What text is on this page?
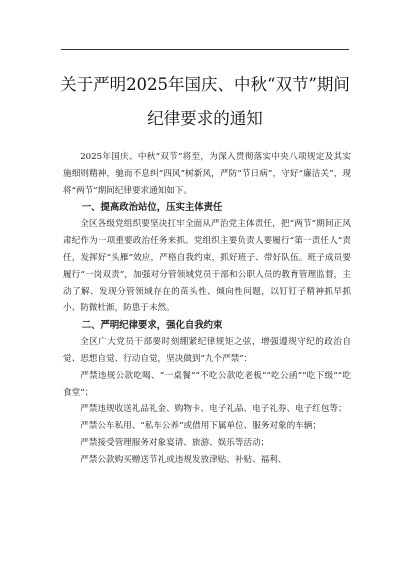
关于严明2025年国庆、中秋“双节”期间
纪律要求的通知

2025年国庆、中秋“双节”将至，为深入贯彻落实中央八项规定及其实施细则精神，驰而不息纠“四风”树新风，严防“节日病”，守好“廉洁关”，现将“两节”期间纪律要求通知如下。

一、提高政治站位，压实主体责任

全区各级党组织要坚决扛牢全面从严治党主体责任，把“两节”期间正风肃纪作为一项重要政治任务来抓。党组织主要负责人要履行“第一责任人”责任，发挥好“头雁”效应，严格自我约束，抓好班子、带好队伍。班子成员要履行“一岗双责”，加强对分管领域党员干部和公职人员的教育管理监督，主动了解、发现分管领域存在的苗头性、倾向性问题，以钉钉子精神抓早抓小、防微杜渐，防患于未然。

二、严明纪律要求，强化自我约束

全区广大党员干部要时刻绷紧纪律规矩之弦，增强遵规守纪的政治自觉、思想自觉、行动自觉，坚决做到“九个严禁”：

严禁违规公款吃喝、“一桌餐”“不吃公款吃老板”“吃公函”“吃下级”“吃食堂”；

严禁违规收送礼品礼金、购物卡、电子礼品、电子礼券、电子红包等；

严禁公车私用、“私车公养”或借用下属单位、服务对象的车辆；

严禁接受管理服务对象宴请、旅游、娱乐等活动；

严禁公款购买赠送节礼或违规发放津贴、补贴、福利、
